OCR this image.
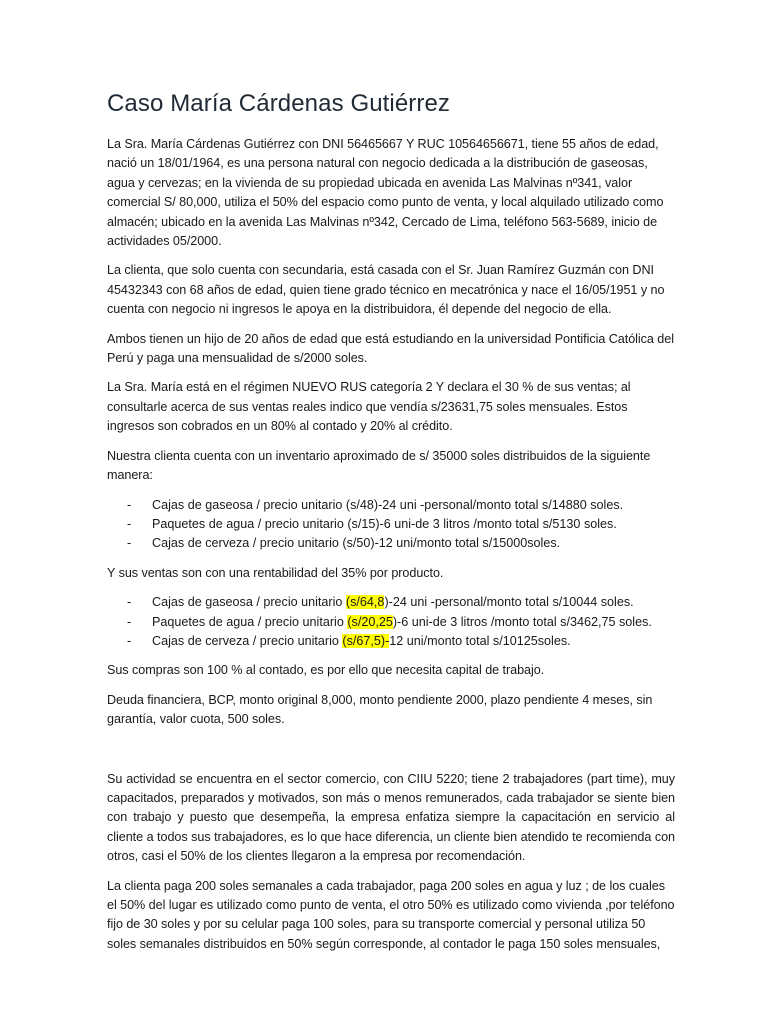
Caso María Cárdenas Gutiérrez

La Sra. María Cárdenas Gutiérrez con DNI 56465667 Y RUC 10564656671, tiene 55 años de edad, nació un 18/01/1964, es una persona natural con negocio dedicada a la distribución de gaseosas, agua y cervezas; en la vivienda de su propiedad ubicada en avenida Las Malvinas nº341, valor comercial S/ 80,000, utiliza el 50% del espacio como punto de venta, y local alquilado utilizado como almacén; ubicado en la avenida Las Malvinas nº342, Cercado de Lima, teléfono 563-5689, inicio de actividades 05/2000.

La clienta, que solo cuenta con secundaria, está casada con el Sr. Juan Ramírez Guzmán con DNI 45432343 con 68 años de edad, quien tiene grado técnico en mecatrónica y nace el 16/05/1951 y no cuenta con negocio ni ingresos le apoya en la distribuidora, él depende del negocio de ella.

Ambos tienen un hijo de 20 años de edad que está estudiando en la universidad Pontificia Católica del Perú y paga una mensualidad de s/2000 soles.

La Sra. María está en el régimen NUEVO RUS categoría 2 Y declara el 30 % de sus ventas; al consultarle acerca de sus ventas reales indico que vendía s/23631,75 soles mensuales. Estos ingresos son cobrados en un 80% al contado y 20% al crédito.

Nuestra clienta cuenta con un inventario aproximado de s/ 35000 soles distribuidos de la siguiente manera:

- Cajas de gaseosa / precio unitario (s/48)-24 uni -personal/monto total s/14880 soles.
- Paquetes de agua / precio unitario (s/15)-6 uni-de 3 litros /monto total s/5130 soles.
- Cajas de cerveza / precio unitario (s/50)-12 uni/monto total s/15000soles.

Y sus ventas son con una rentabilidad del 35% por producto.

- Cajas de gaseosa / precio unitario (s/64,8)-24 uni -personal/monto total s/10044 soles.
- Paquetes de agua / precio unitario (s/20,25)-6 uni-de 3 litros /monto total s/3462,75 soles.
- Cajas de cerveza / precio unitario (s/67,5)-12 uni/monto total s/10125soles.

Sus compras son 100 % al contado, es por ello que necesita capital de trabajo.

Deuda financiera, BCP, monto original 8,000, monto pendiente 2000, plazo pendiente 4 meses, sin garantía, valor cuota, 500 soles.

Su actividad se encuentra en el sector comercio, con CIIU 5220; tiene 2 trabajadores (part time), muy capacitados, preparados y motivados, son más o menos remunerados, cada trabajador se siente bien con trabajo y puesto que desempeña, la empresa enfatiza siempre la capacitación en servicio al cliente a todos sus trabajadores, es lo que hace diferencia, un cliente bien atendido te recomienda con otros, casi el 50% de los clientes llegaron a la empresa por recomendación.

La clienta paga 200 soles semanales a cada trabajador, paga 200 soles en agua y luz ; de los cuales el 50% del lugar es utilizado como punto de venta, el otro 50% es utilizado como vivienda ,por teléfono fijo de 30 soles y por su celular paga 100 soles, para su transporte comercial y personal utiliza 50 soles semanales distribuidos en 50% según corresponde, al contador le paga 150 soles mensuales,
